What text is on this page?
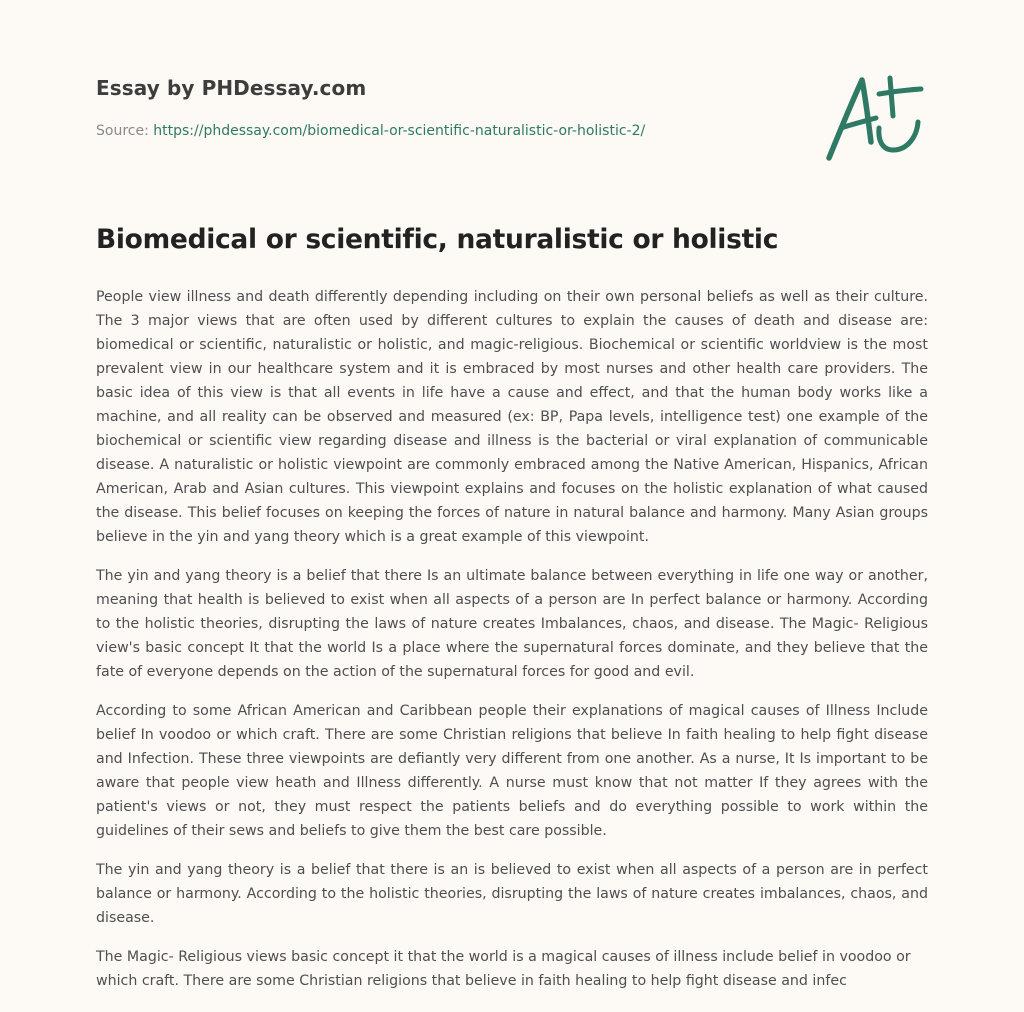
Essay by PHDessay.com
Source: https://phdessay.com/biomedical-or-scientific-naturalistic-or-holistic-2/
Biomedical or scientific, naturalistic or holistic

People view illness and death differently depending including on their own personal beliefs as well as their culture. The 3 major views that are often used by different cultures to explain the causes of death and disease are: biomedical or scientific, naturalistic or holistic, and magic-religious. Biochemical or scientific worldview is the most prevalent view in our healthcare system and it is embraced by most nurses and other health care providers. The basic idea of this view is that all events in life have a cause and effect, and that the human body works like a machine, and all reality can be observed and measured (ex: BP, Papa levels, intelligence test) one example of the biochemical or scientific view regarding disease and illness is the bacterial or viral explanation of communicable disease. A naturalistic or holistic viewpoint are commonly embraced among the Native American, Hispanics, African American, Arab and Asian cultures. This viewpoint explains and focuses on the holistic explanation of what caused the disease. This belief focuses on keeping the forces of nature in natural balance and harmony. Many Asian groups believe in the yin and yang theory which is a great example of this viewpoint.

The yin and yang theory is a belief that there Is an ultimate balance between everything in life one way or another, meaning that health is believed to exist when all aspects of a person are In perfect balance or harmony. According to the holistic theories, disrupting the laws of nature creates Imbalances, chaos, and disease. The Magic- Religious view's basic concept It that the world Is a place where the supernatural forces dominate, and they believe that the fate of everyone depends on the action of the supernatural forces for good and evil.

According to some African American and Caribbean people their explanations of magical causes of Illness Include belief In voodoo or which craft. There are some Christian religions that believe In faith healing to help fight disease and Infection. These three viewpoints are defiantly very different from one another. As a nurse, It Is important to be aware that people view heath and Illness differently. A nurse must know that not matter If they agrees with the patient's views or not, they must respect the patients beliefs and do everything possible to work within the guidelines of their sews and beliefs to give them the best care possible.

The yin and yang theory is a belief that there is an is believed to exist when all aspects of a person are in perfect balance or harmony. According to the holistic theories, disrupting the laws of nature creates imbalances, chaos, and disease.

The Magic- Religious views basic concept it that the world is a magical causes of illness include belief in voodoo or which craft. There are some Christian religions that believe in faith healing to help fight disease and infec
